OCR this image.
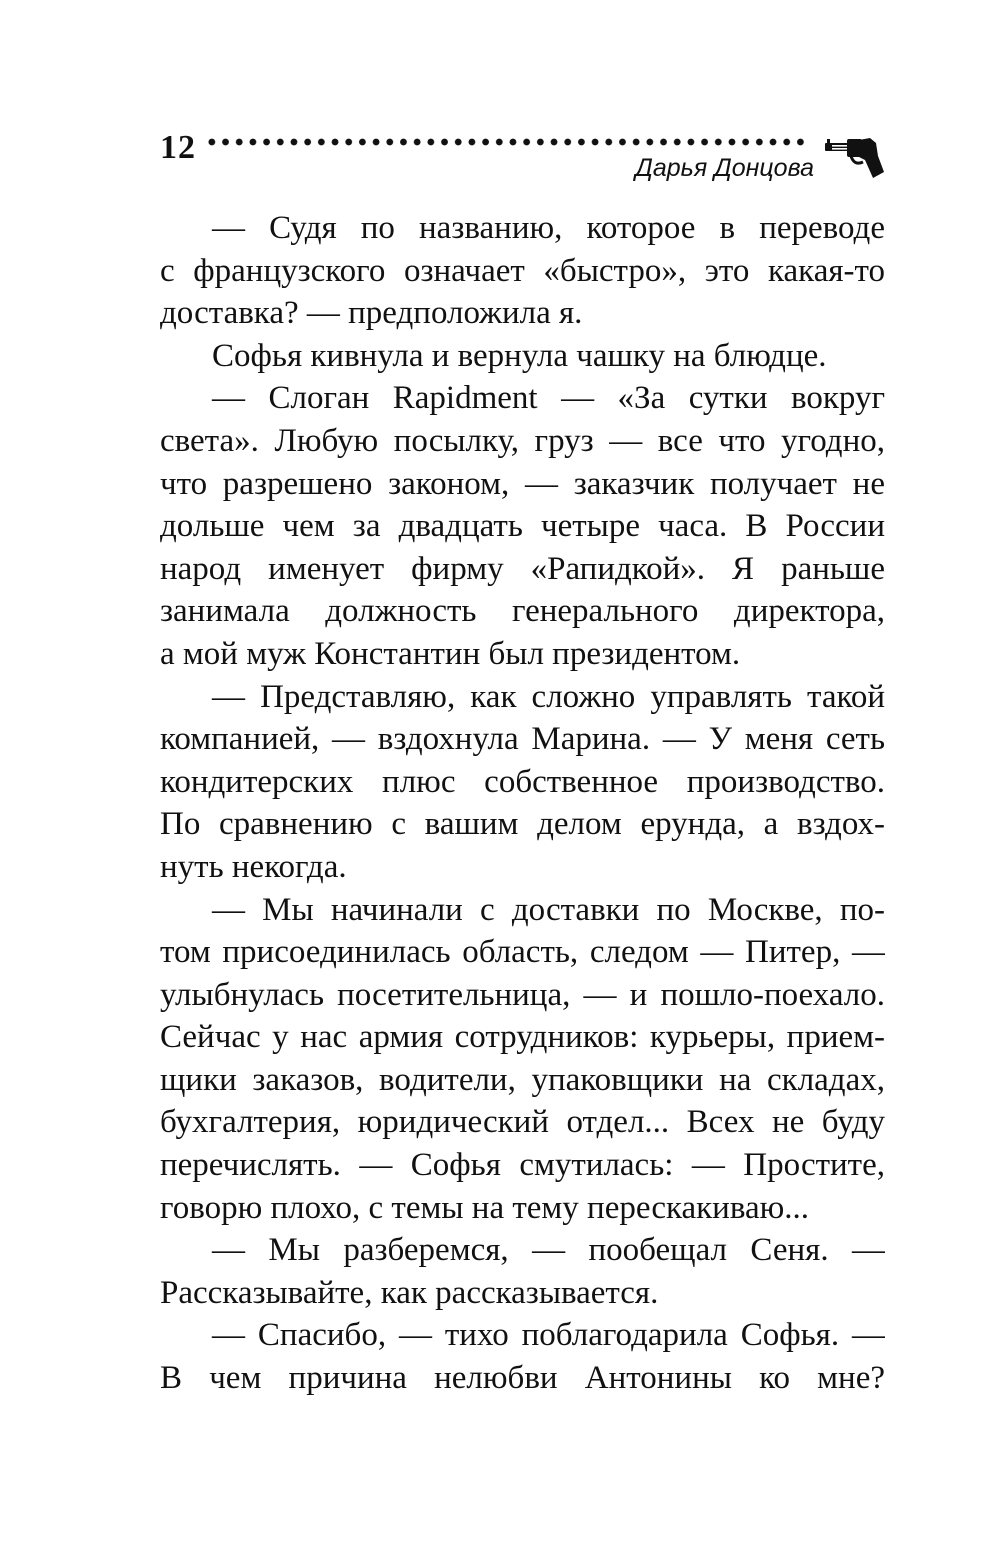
12
Дарья Донцова
— Судя по названию, которое в переводе
с французского означает «быстро», это какая-то
доставка? — предположила я.
Софья кивнула и вернула чашку на блюдце.
— Слоган Rapidment — «За сутки вокруг
света». Любую посылку, груз — все что угодно,
что разрешено законом, — заказчик получает не
дольше чем за двадцать четыре часа. В России
народ именует фирму «Рапидкой». Я раньше
занимала должность генерального директора,
а мой муж Константин был президентом.
— Представляю, как сложно управлять такой
компанией, — вздохнула Марина. — У меня сеть
кондитерских плюс собственное производство.
По сравнению с вашим делом ерунда, а вздох-
нуть некогда.
— Мы начинали с доставки по Москве, по-
том присоединилась область, следом — Питер, —
улыбнулась посетительница, — и пошло-поехало.
Сейчас у нас армия сотрудников: курьеры, прием-
щики заказов, водители, упаковщики на складах,
бухгалтерия, юридический отдел... Всех не буду
перечислять. — Софья смутилась: — Простите,
говорю плохо, с темы на тему перескакиваю...
— Мы разберемся, — пообещал Сеня. —
Рассказывайте, как рассказывается.
— Спасибо, — тихо поблагодарила Софья. —
В чем причина нелюбви Антонины ко мне?
